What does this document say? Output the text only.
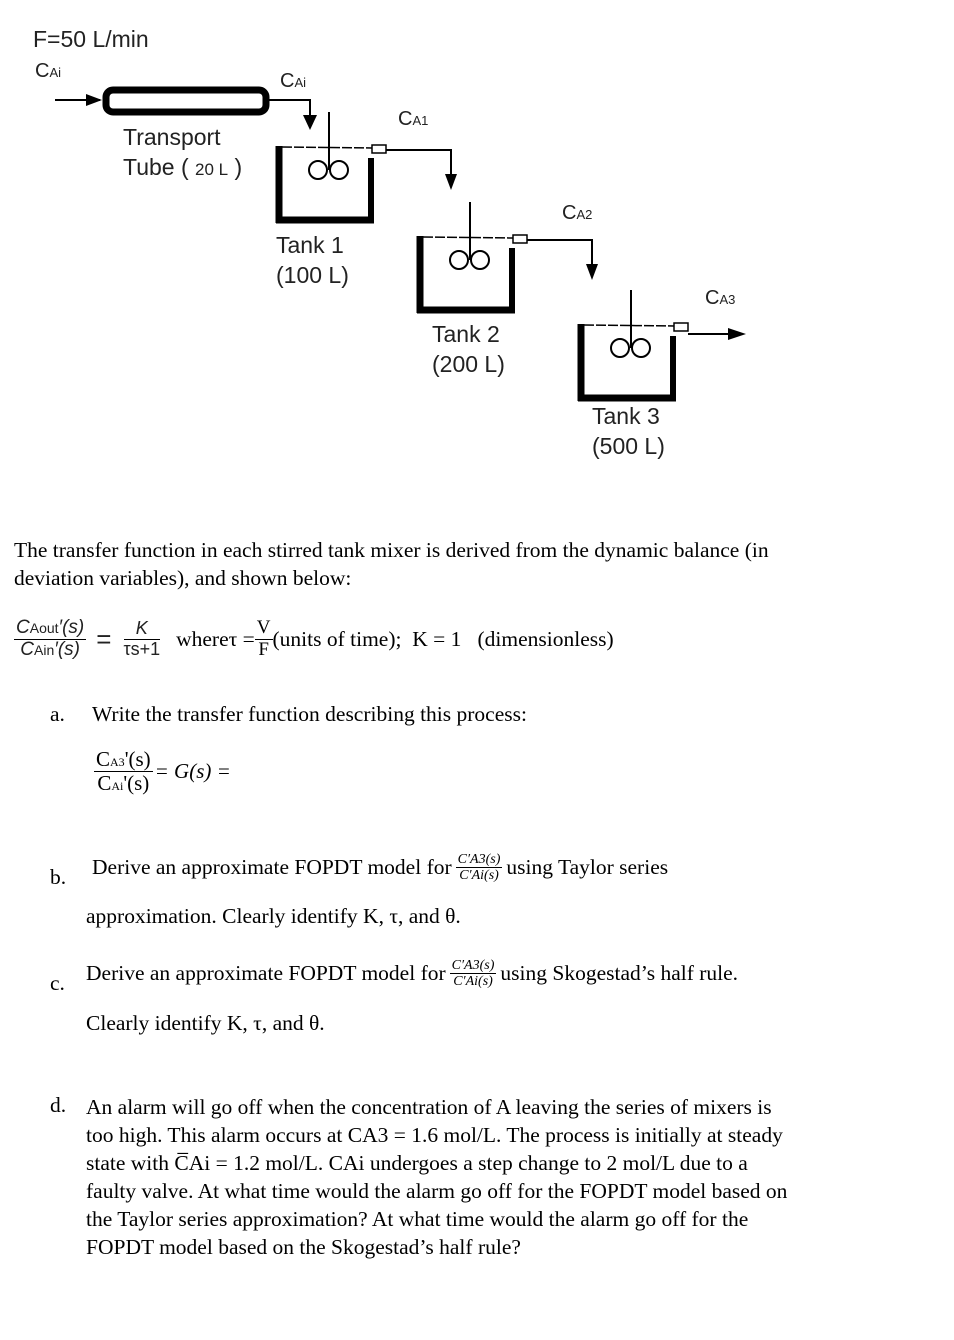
F=50 L/min
CAi	CAi
Transport
Tube ( 20 L )
CA1
CA2
CA3
Tank 1
(100 L)
Tank 2
(200 L)
Tank 3
(500 L)
The transfer function in each stirred tank mixer is derived from the dynamic balance (in
deviation variables), and shown below:
$\frac{\text{CAout′(s)}}{\text{CAin′(s)}} = \frac{K}{\tau s+1}$ whereτ = $\frac{V}{F}$ (units of time);  K = 1   (dimensionless)
a. Write the transfer function describing this process:
$\frac{CA3'(s)}{\text{CAi'(s)}} = G(s)$ =
b. Derive an approximate FOPDT model for $\frac{C'A3(s)}{C'Ai(s)}$ using Taylor series
approximation. Clearly identify K, τ, and θ.
c. Derive an approximate FOPDT model for $\frac{C'A3(s)}{C'Ai(s)}$ using Skogestad’s half rule.
Clearly identify K, τ, and θ.
d. An alarm will go off when the concentration of A leaving the series of mixers is
too high. This alarm occurs at CA3 = 1.6 mol/L. The process is initially at steady
state with C̅Ai = 1.2 mol/L. CAi undergoes a step change to 2 mol/L due to a
faulty valve. At what time would the alarm go off for the FOPDT model based on
the Taylor series approximation? At what time would the alarm go off for the
FOPDT model based on the Skogestad’s half rule?
